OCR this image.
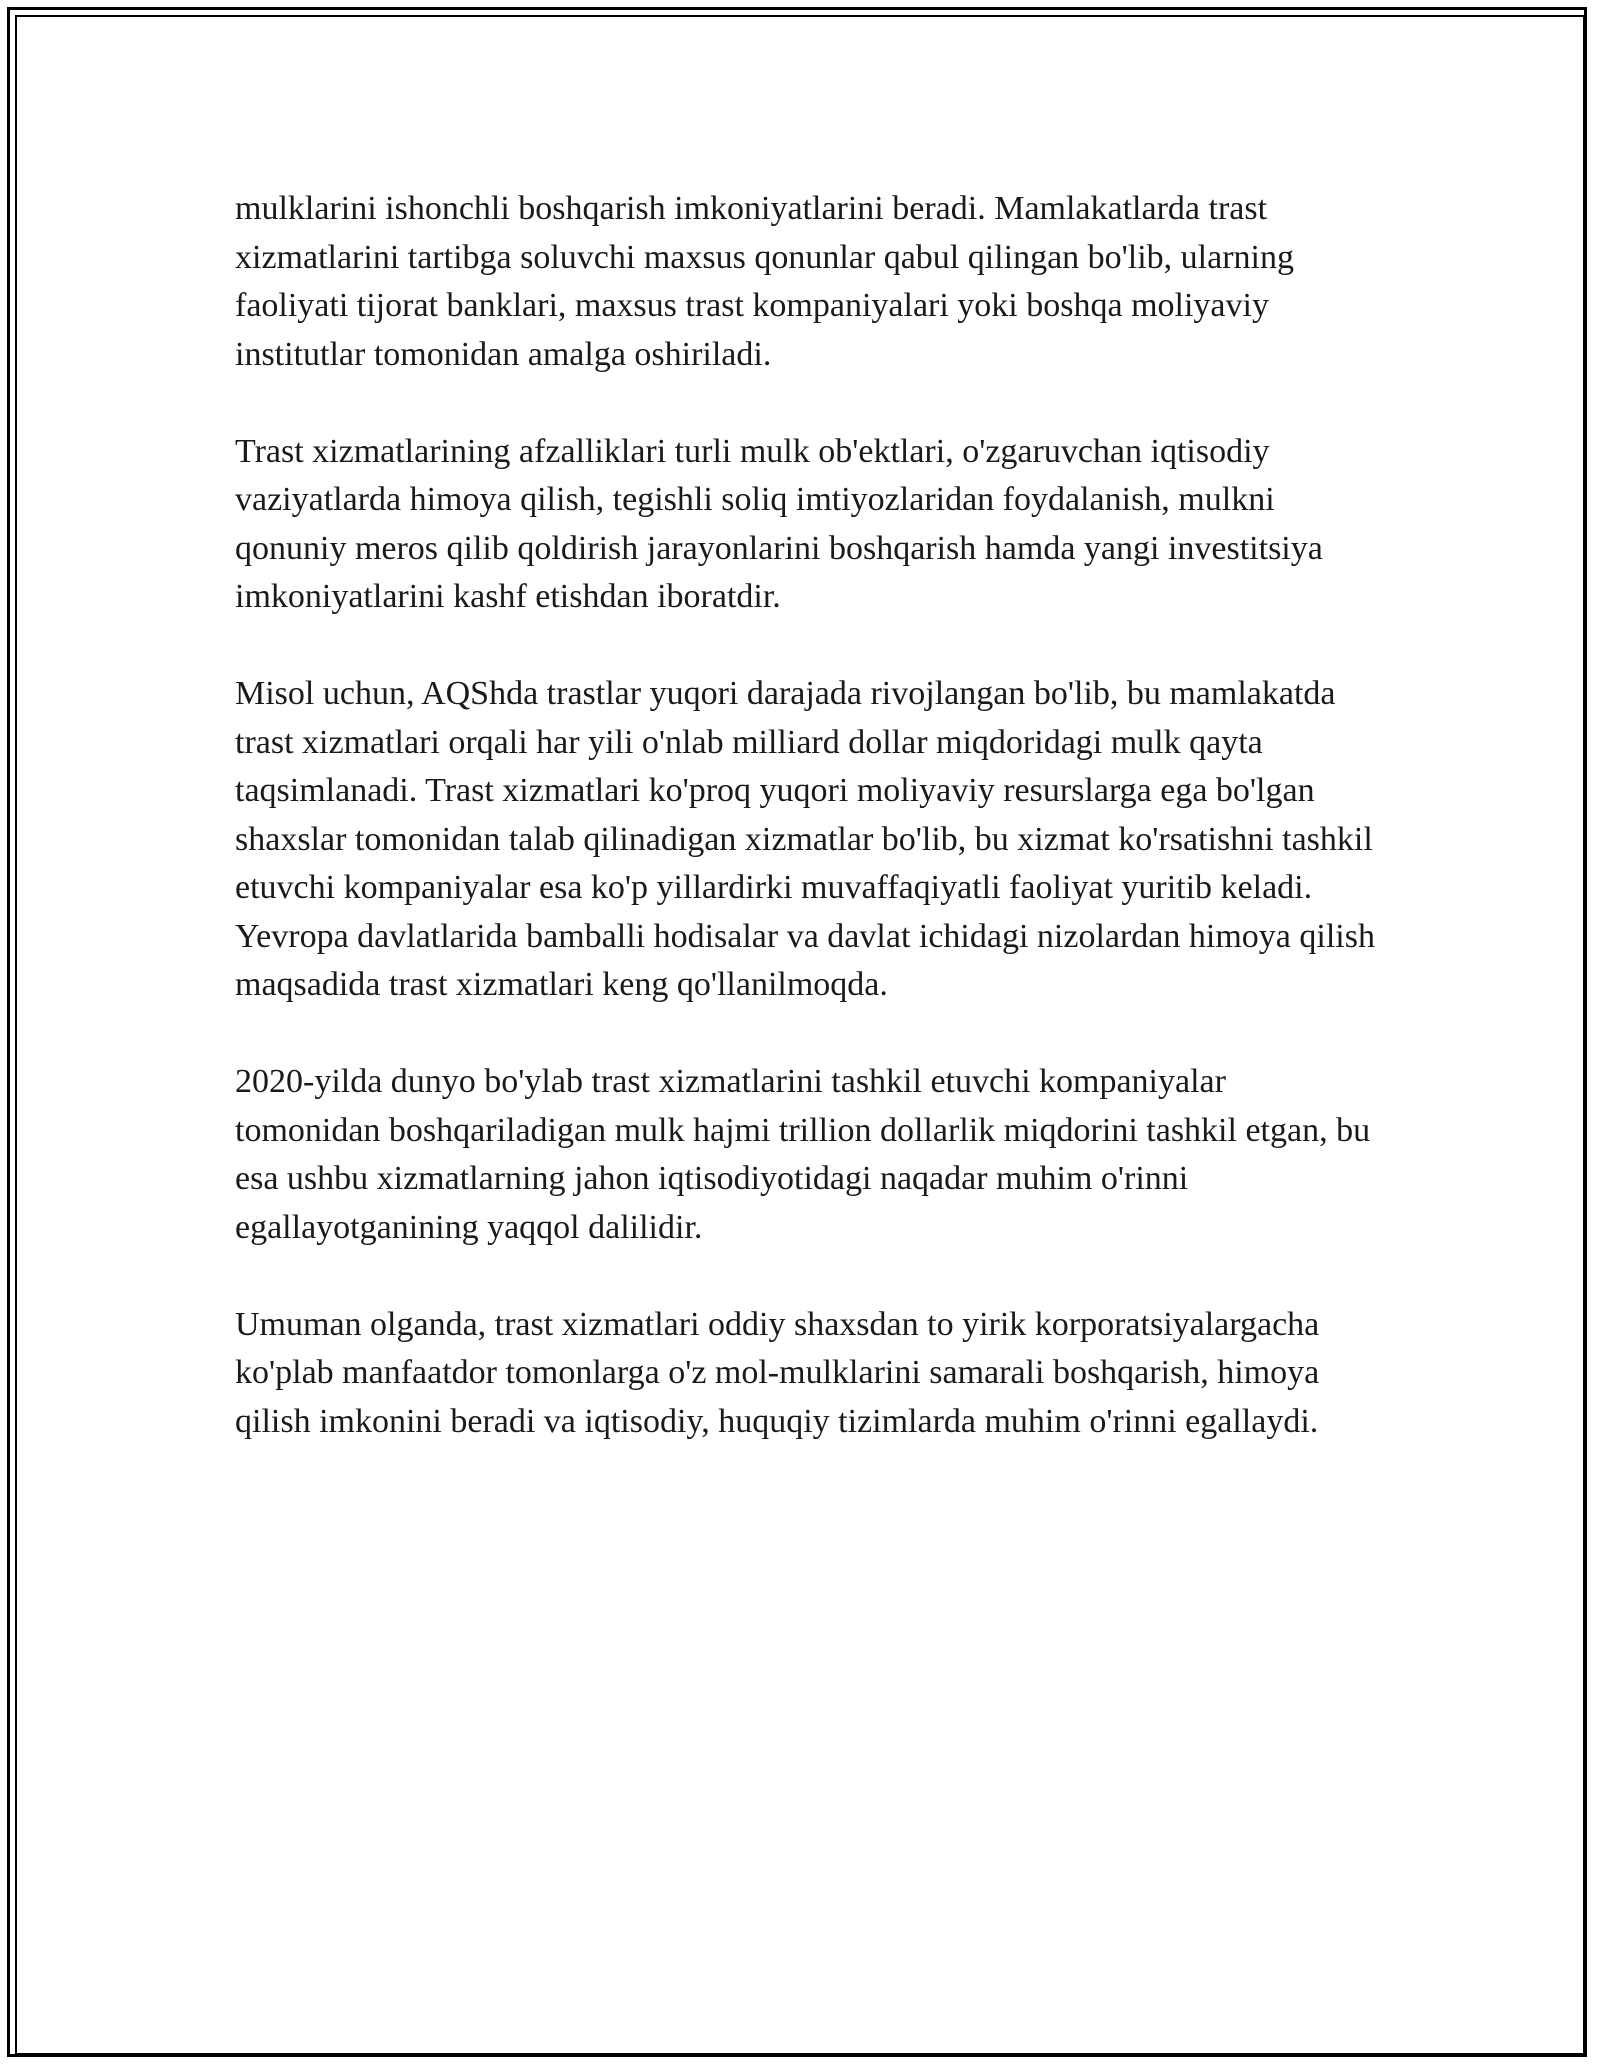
mulklarini ishonchli boshqarish imkoniyatlarini beradi. Mamlakatlarda trast xizmatlarini tartibga soluvchi maxsus qonunlar qabul qilingan bo'lib, ularning faoliyati tijorat banklari, maxsus trast kompaniyalari yoki boshqa moliyaviy institutlar tomonidan amalga oshiriladi.

Trast xizmatlarining afzalliklari turli mulk ob'ektlari, o'zgaruvchan iqtisodiy vaziyatlarda himoya qilish, tegishli soliq imtiyozlaridan foydalanish, mulkni qonuniy meros qilib qoldirish jarayonlarini boshqarish hamda yangi investitsiya imkoniyatlarini kashf etishdan iboratdir.

Misol uchun, AQShda trastlar yuqori darajada rivojlangan bo'lib, bu mamlakatda trast xizmatlari orqali har yili o'nlab milliard dollar miqdoridagi mulk qayta taqsimlanadi. Trast xizmatlari ko'proq yuqori moliyaviy resurslarga ega bo'lgan shaxslar tomonidan talab qilinadigan xizmatlar bo'lib, bu xizmat ko'rsatishni tashkil etuvchi kompaniyalar esa ko'p yillardirki muvaffaqiyatli faoliyat yuritib keladi. Yevropa davlatlarida bamballi hodisalar va davlat ichidagi nizolardan himoya qilish maqsadida trast xizmatlari keng qo'llanilmoqda.

2020-yilda dunyo bo'ylab trast xizmatlarini tashkil etuvchi kompaniyalar tomonidan boshqariladigan mulk hajmi trillion dollarlik miqdorini tashkil etgan, bu esa ushbu xizmatlarning jahon iqtisodiyotidagi naqadar muhim o'rinni egallayotganining yaqqol dalilidir.

Umuman olganda, trast xizmatlari oddiy shaxsdan to yirik korporatsiyalargacha ko'plab manfaatdor tomonlarga o'z mol-mulklarini samarali boshqarish, himoya qilish imkonini beradi va iqtisodiy, huquqiy tizimlarda muhim o'rinni egallaydi.
